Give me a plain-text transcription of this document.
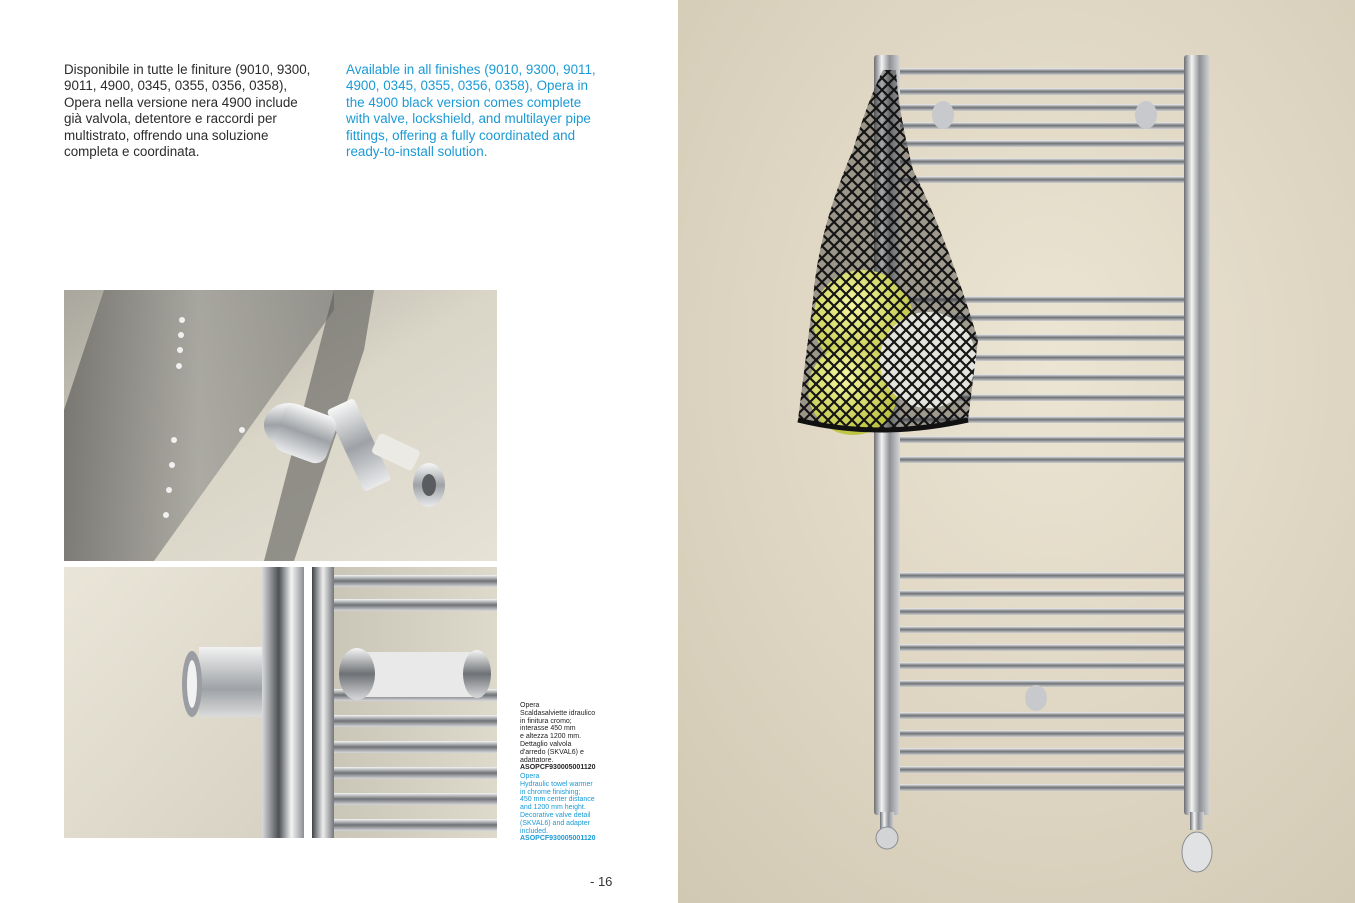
Disponibile in tutte le finiture (9010, 9300, 9011, 4900, 0345, 0355, 0356, 0358), Opera nella versione nera 4900 include già valvola, detentore e raccordi per multistrato, offrendo una soluzione completa e coordinata.

Available in all finishes (9010, 9300, 9011, 4900, 0345, 0355, 0356, 0358), Opera in the 4900 black version comes complete with valve, lockshield, and multilayer pipe fittings, offering a fully coordinated and ready-to-install solution.

Opera
Scaldasalviette idraulico
in finitura cromo;
interasse 450 mm
e altezza 1200 mm.
Dettaglio valvola
d'arredo (SKVAL6) e
adattatore.
ASOPCF930005001120

Opera
Hydraulic towel warmer
in chrome finishing;
450 mm center distance
and 1200 mm height.
Decorative valve detail
(SKVAL6) and adapter
included.
ASOPCF930005001120

- 16
